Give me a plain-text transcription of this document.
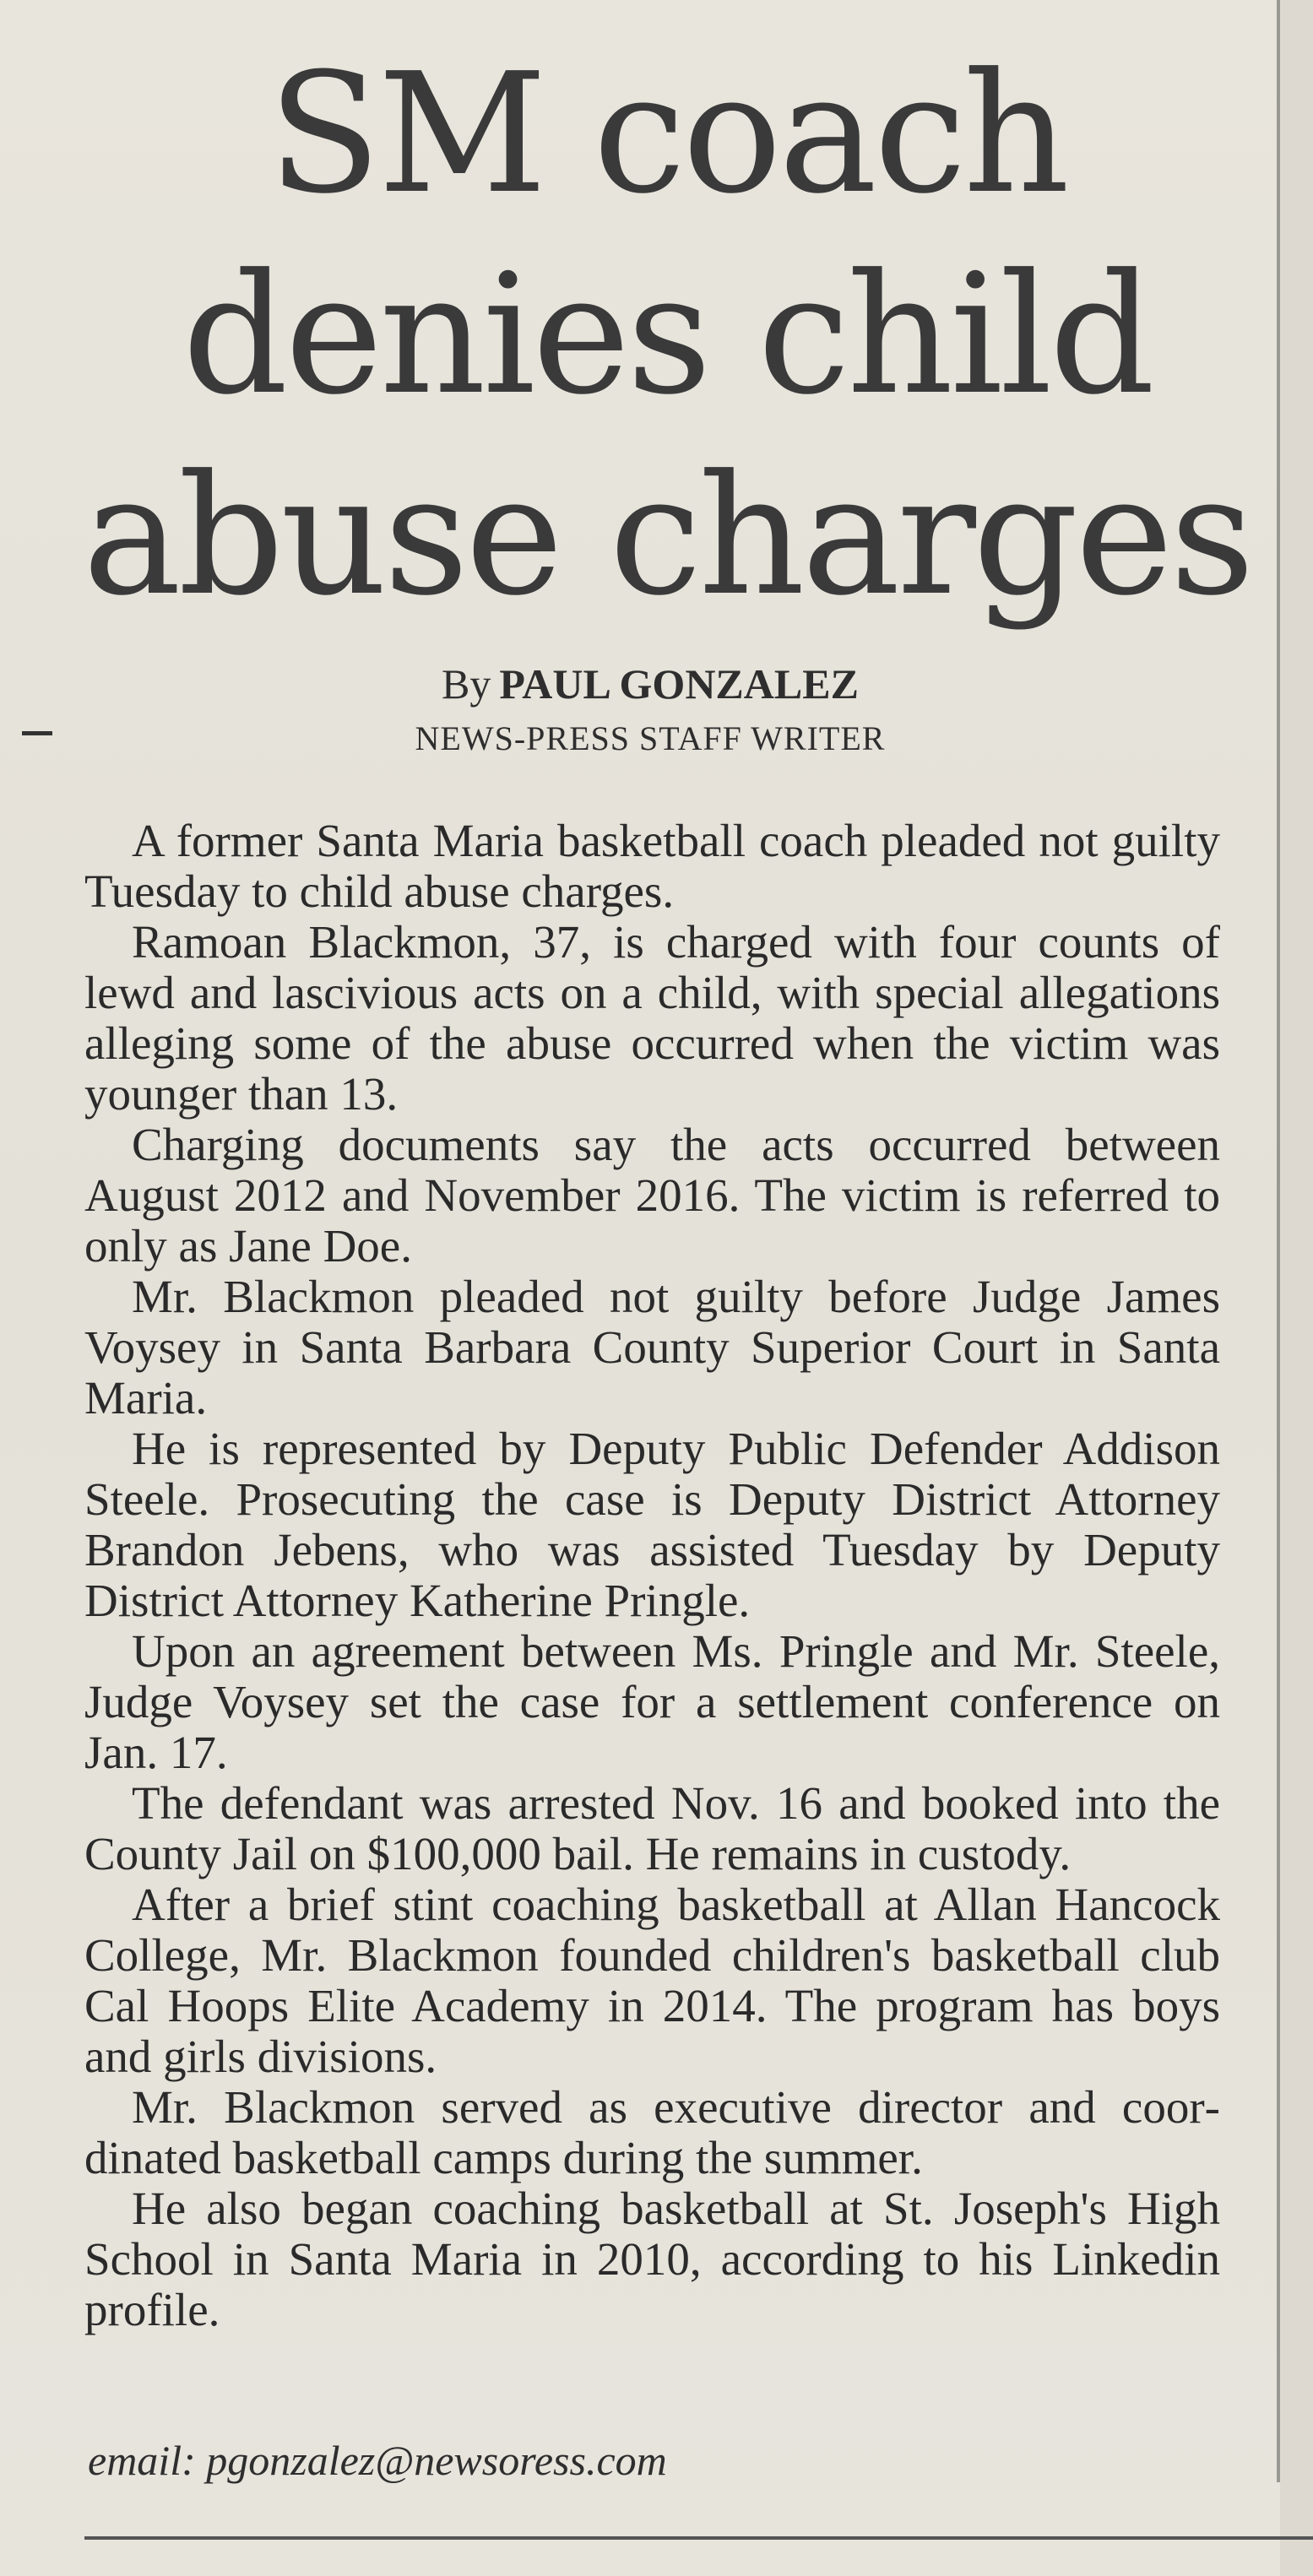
SM coach
denies child
abuse charges
By PAUL GONZALEZ
NEWS-PRESS STAFF WRITER

A former Santa Maria basketball coach pleaded not guilty Tuesday to child abuse charges.

Ramoan Blackmon, 37, is charged with four counts of lewd and lascivious acts on a child, with special allegations alleging some of the abuse occurred when the victim was younger than 13.

Charging documents say the acts occurred between August 2012 and November 2016. The victim is referred to only as Jane Doe.

Mr. Blackmon pleaded not guilty before Judge James Voysey in Santa Barbara County Superior Court in Santa Maria.

He is represented by Deputy Public Defender Addison Steele. Prosecuting the case is Deputy District Attorney Brandon Jebens, who was assisted Tuesday by Deputy District Attorney Katherine Pringle.

Upon an agreement between Ms. Pringle and Mr. Steele, Judge Voysey set the case for a settlement conference on Jan. 17.

The defendant was arrested Nov. 16 and booked into the County Jail on $100,000 bail. He remains in custody.

After a brief stint coaching basketball at Allan Hancock College, Mr. Blackmon founded children's basketball club Cal Hoops Elite Academy in 2014. The program has boys and girls divisions.

Mr. Blackmon served as executive director and coordinated basketball camps during the summer.

He also began coaching basketball at St. Joseph's High School in Santa Maria in 2010, according to his Linkedin profile.

email: pgonzalez@newsoress.com
